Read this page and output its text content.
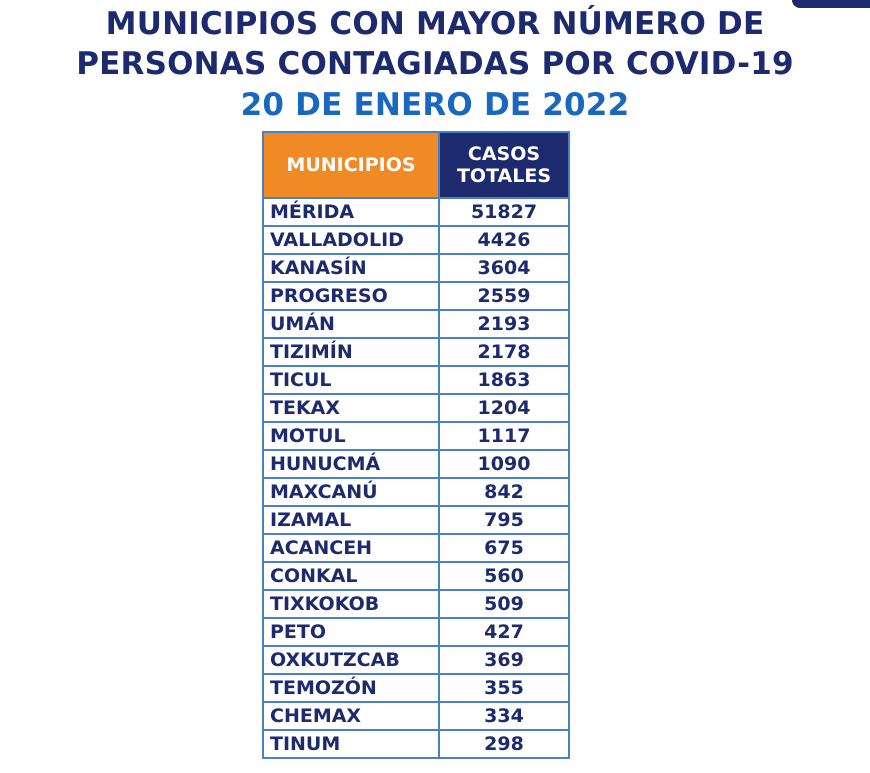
MUNICIPIOS CON MAYOR NÚMERO DE
PERSONAS CONTAGIADAS POR COVID-19
20 DE ENERO DE 2022
MUNICIPIOS	CASOS
TOTALES
MÉRIDA	51827
VALLADOLID	4426
KANASÍN	3604
PROGRESO	2559
UMÁN	2193
TIZIMÍN	2178
TICUL	1863
TEKAX	1204
MOTUL	1117
HUNUCMÁ	1090
MAXCANÚ	842
IZAMAL	795
ACANCEH	675
CONKAL	560
TIXKOKOB	509
PETO	427
OXKUTZCAB	369
TEMOZÓN	355
CHEMAX	334
TINUM	298
